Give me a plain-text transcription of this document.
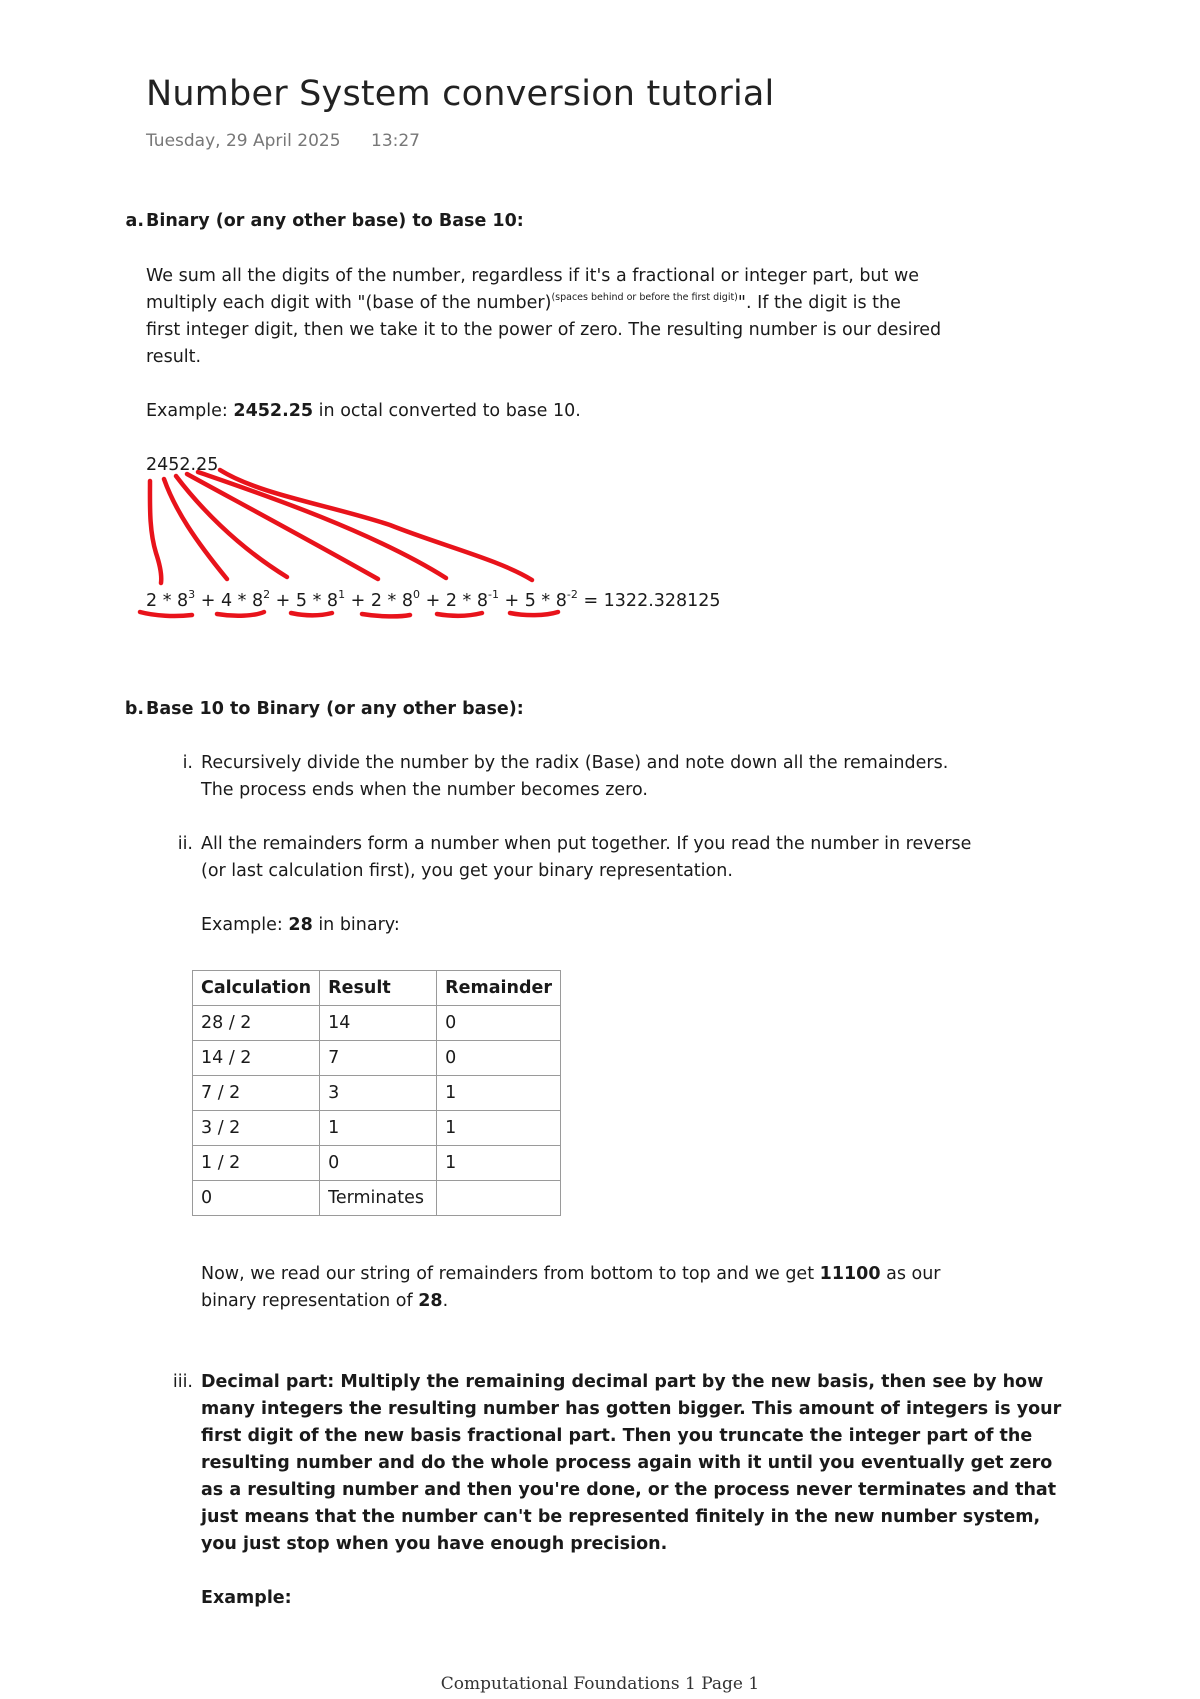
Number System conversion tutorial
Tuesday, 29 April 2025 13:27
a. Binary (or any other base) to Base 10:
We sum all the digits of the number, regardless if it's a fractional or integer part, but we
multiply each digit with "(base of the number)$^{(spaces behind or before the first digit)}$". If the digit is the
first integer digit, then we take it to the power of zero. The resulting number is our desired
result.
Example: 2452.25 in octal converted to base 10.
2452.25
$2 * 8^3 + 4 * 8^2 + 5 * 8^1 + 2 * 8^0 + 2 * 8^{-1} + 5 * 8^{-2} = 1322.328125$
b. Base 10 to Binary (or any other base):
i. Recursively divide the number by the radix (Base) and note down all the remainders.
The process ends when the number becomes zero.
ii. All the remainders form a number when put together. If you read the number in reverse
(or last calculation first), you get your binary representation.
Example: 28 in binary:
Calculation	Result	Remainder
28 / 2	14	0
14 / 2	7	0
7 / 2	3	1
3 / 2	1	1
1 / 2	0	1
0	Terminates	
Now, we read our string of remainders from bottom to top and we get 11100 as our
binary representation of 28.
iii. Decimal part: Multiply the remaining decimal part by the new basis, then see by how
many integers the resulting number has gotten bigger. This amount of integers is your
first digit of the new basis fractional part. Then you truncate the integer part of the
resulting number and do the whole process again with it until you eventually get zero
as a resulting number and then you're done, or the process never terminates and that
just means that the number can't be represented finitely in the new number system,
you just stop when you have enough precision.
Example:
Computational Foundations 1 Page 1
